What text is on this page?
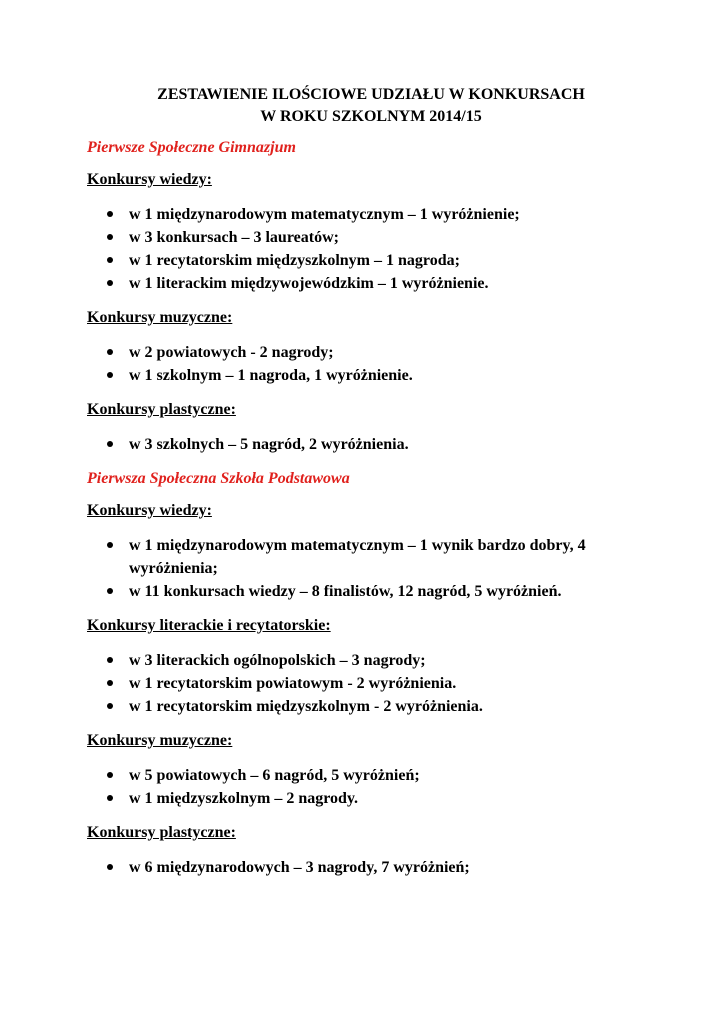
ZESTAWIENIE ILOŚCIOWE UDZIAŁU W KONKURSACH
W ROKU SZKOLNYM 2014/15
Pierwsze Społeczne Gimnazjum
Konkursy wiedzy:
w 1 międzynarodowym matematycznym – 1 wyróżnienie;
w 3 konkursach – 3 laureatów;
w 1 recytatorskim międzyszkolnym – 1 nagroda;
w 1 literackim międzywojewódzkim – 1 wyróżnienie.
Konkursy muzyczne:
w 2 powiatowych - 2 nagrody;
w 1 szkolnym – 1 nagroda, 1 wyróżnienie.
Konkursy plastyczne:
w 3 szkolnych – 5 nagród, 2 wyróżnienia.
Pierwsza Społeczna Szkoła Podstawowa
Konkursy wiedzy:
w 1 międzynarodowym matematycznym – 1 wynik bardzo dobry, 4 wyróżnienia;
w 11 konkursach wiedzy – 8 finalistów, 12 nagród, 5 wyróżnień.
Konkursy literackie i recytatorskie:
w 3 literackich ogólnopolskich – 3 nagrody;
w 1 recytatorskim powiatowym - 2 wyróżnienia.
w 1 recytatorskim międzyszkolnym - 2 wyróżnienia.
Konkursy muzyczne:
w 5 powiatowych – 6 nagród, 5 wyróżnień;
w 1 międzyszkolnym – 2 nagrody.
Konkursy plastyczne:
w 6 międzynarodowych – 3 nagrody, 7 wyróżnień;
